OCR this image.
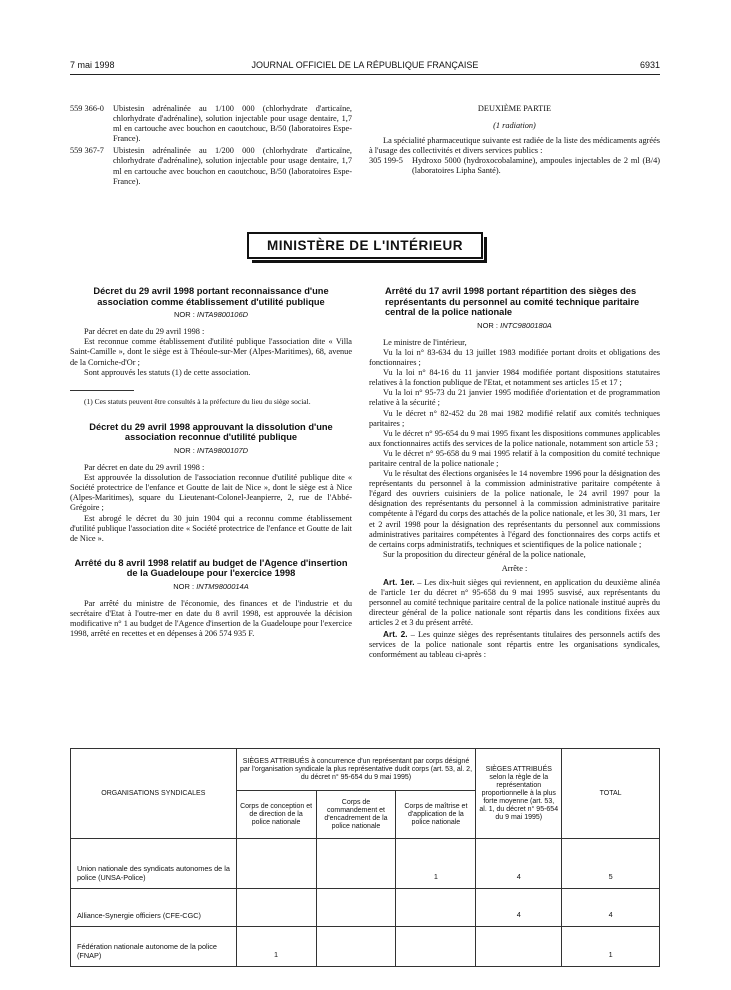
7 mai 1998	JOURNAL OFFICIEL DE LA RÉPUBLIQUE FRANÇAISE	6931
559 366-0	Ubistesin adrénalinée au 1/100 000 (chlorhydrate d'articaïne, chlorhydrate d'adrénaline), solution injectable pour usage dentaire, 1,7 ml en cartouche avec bouchon en caoutchouc, B/50 (laboratoires Espe-France).
559 367-7	Ubistesin adrénalinée au 1/200 000 (chlorhydrate d'articaïne, chlorhydrate d'adrénaline), solution injectable pour usage dentaire, 1,7 ml en cartouche avec bouchon en caoutchouc, B/50 (laboratoires Espe-France).
DEUXIÈME PARTIE
(1 radiation)
La spécialité pharmaceutique suivante est radiée de la liste des médicaments agréés à l'usage des collectivités et divers services publics :
305 199-5	Hydroxo 5000 (hydroxocobalamine), ampoules injectables de 2 ml (B/4) (laboratoires Lipha Santé).
MINISTÈRE DE L'INTÉRIEUR
Décret du 29 avril 1998 portant reconnaissance d'une association comme établissement d'utilité publique
NOR : INTA9800106D
Par décret en date du 29 avril 1998 :
Est reconnue comme établissement d'utilité publique l'association dite « Villa Saint-Camille », dont le siège est à Théoule-sur-Mer (Alpes-Maritimes), 68, avenue de la Corniche-d'Or ;
Sont approuvés les statuts (1) de cette association.
(1) Ces statuts peuvent être consultés à la préfecture du lieu du siège social.
Décret du 29 avril 1998 approuvant la dissolution d'une association reconnue d'utilité publique
NOR : INTA9800107D
Par décret en date du 29 avril 1998 :
Est approuvée la dissolution de l'association reconnue d'utilité publique dite « Société protectrice de l'enfance et Goutte de lait de Nice », dont le siège est à Nice (Alpes-Maritimes), square du Lieutenant-Colonel-Jeanpierre, 2, rue de l'Abbé-Grégoire ;
Est abrogé le décret du 30 juin 1904 qui a reconnu comme établissement d'utilité publique l'association dite « Société protectrice de l'enfance et Goutte de lait de Nice ».
Arrêté du 8 avril 1998 relatif au budget de l'Agence d'insertion de la Guadeloupe pour l'exercice 1998
NOR : INTM9800014A
Par arrêté du ministre de l'économie, des finances et de l'industrie et du secrétaire d'Etat à l'outre-mer en date du 8 avril 1998, est approuvée la décision modificative n° 1 au budget de l'Agence d'insertion de la Guadeloupe pour l'exercice 1998, arrêté en recettes et en dépenses à 206 574 935 F.
Arrêté du 17 avril 1998 portant répartition des sièges des représentants du personnel au comité technique paritaire central de la police nationale
NOR : INTC9800180A
Le ministre de l'intérieur,
Vu la loi n° 83-634 du 13 juillet 1983 modifiée portant droits et obligations des fonctionnaires ;
Vu la loi n° 84-16 du 11 janvier 1984 modifiée portant dispositions statutaires relatives à la fonction publique de l'Etat, et notamment ses articles 15 et 17 ;
Vu la loi n° 95-73 du 21 janvier 1995 modifiée d'orientation et de programmation relative à la sécurité ;
Vu le décret n° 82-452 du 28 mai 1982 modifié relatif aux comités techniques paritaires ;
Vu le décret n° 95-654 du 9 mai 1995 fixant les dispositions communes applicables aux fonctionnaires actifs des services de la police nationale, notamment son article 53 ;
Vu le décret n° 95-658 du 9 mai 1995 relatif à la composition du comité technique paritaire central de la police nationale ;
Vu le résultat des élections organisées le 14 novembre 1996 pour la désignation des représentants du personnel à la commission administrative paritaire compétente à l'égard des ouvriers cuisiniers de la police nationale, le 24 avril 1997 pour la désignation des représentants du personnel à la commission administrative paritaire compétente à l'égard du corps des attachés de la police nationale, et les 30, 31 mars, 1er et 2 avril 1998 pour la désignation des représentants du personnel aux commissions administratives paritaires compétentes à l'égard des fonctionnaires des corps actifs et de certains corps administratifs, techniques et scientifiques de la police nationale ;
Sur la proposition du directeur général de la police nationale,
Arrête :
Art. 1er. – Les dix-huit sièges qui reviennent, en application du deuxième alinéa de l'article 1er du décret n° 95-658 du 9 mai 1995 susvisé, aux représentants du personnel au comité technique paritaire central de la police nationale institué auprès du directeur général de la police nationale sont répartis dans les conditions fixées aux articles 2 et 3 du présent arrêté.
Art. 2. – Les quinze sièges des représentants titulaires des personnels actifs des services de la police nationale sont répartis entre les organisations syndicales, conformément au tableau ci-après :
ORGANISATIONS SYNDICALES	SIÈGES ATTRIBUÉS à concurrence d'un représentant par corps désigné par l'organisation syndicale la plus représentative dudit corps (art. 53, al. 2, du décret n° 95-654 du 9 mai 1995)			SIÈGES ATTRIBUÉS selon la règle de la représentation proportionnelle à la plus forte moyenne (art. 53, al. 1, du décret n° 95-654 du 9 mai 1995)	TOTAL
	Corps de conception et de direction de la police nationale	Corps de commandement et d'encadrement de la police nationale	Corps de maîtrise et d'application de la police nationale		
Union nationale des syndicats autonomes de la police (UNSA-Police)			1	4	5
Alliance-Synergie officiers (CFE-CGC)				4	4
Fédération nationale autonome de la police (FNAP)	1				1
